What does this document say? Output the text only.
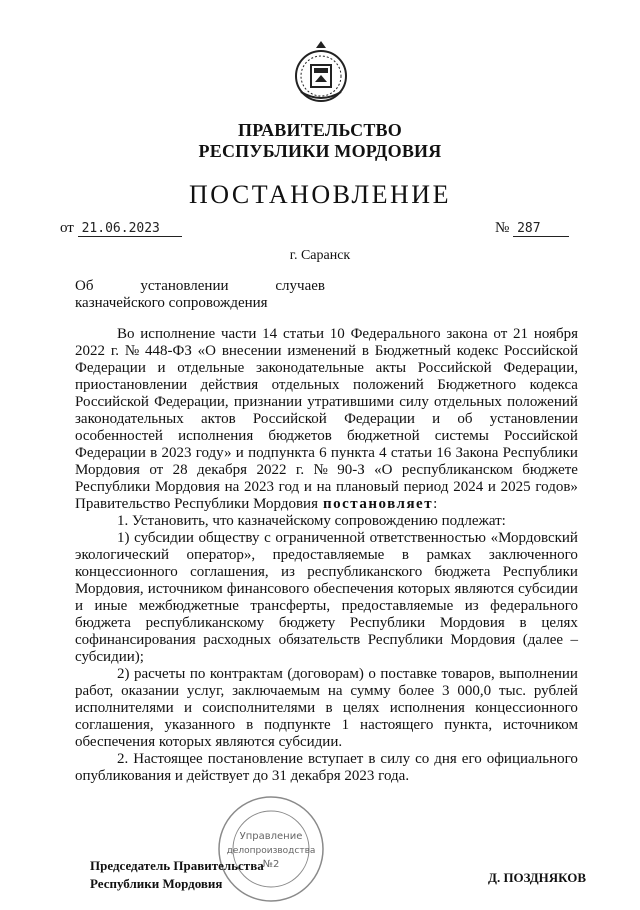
ПРАВИТЕЛЬСТВО
РЕСПУБЛИКИ МОРДОВИЯ
ПОСТАНОВЛЕНИЕ
от 21.06.2023	№ 287
г. Саранск
Об	установлении	случаев
казначейского сопровождения
Во исполнение части 14 статьи 10 Федерального закона от 21 ноября
2022 г. № 448-ФЗ «О внесении изменений в Бюджетный кодекс Российской
Федерации и отдельные законодательные акты Российской Федерации,
приостановлении действия отдельных положений Бюджетного кодекса
Российской Федерации, признании утратившими силу отдельных положений
законодательных актов Российской Федерации и об установлении
особенностей исполнения бюджетов бюджетной системы Российской
Федерации в 2023 году» и подпункта 6 пункта 4 статьи 16 Закона Республики
Мордовия от 28 декабря 2022 г. № 90-З «О республиканском бюджете
Республики Мордовия на 2023 год и на плановый период 2024 и 2025 годов»
Правительство Республики Мордовия постановляет :
1. Установить, что казначейскому сопровождению подлежат:
1) субсидии обществу с ограниченной ответственностью «Мордовский
экологический оператор», предоставляемые в рамках заключенного
концессионного соглашения, из республиканского бюджета Республики
Мордовия, источником финансового обеспечения которых являются субсидии
и иные межбюджетные трансферты, предоставляемые из федерального
бюджета республиканскому бюджету Республики Мордовия в целях
софинансирования расходных обязательств Республики Мордовия (далее –
субсидии);
2) расчеты по контрактам (договорам) о поставке товаров, выполнении
работ, оказании услуг, заключаемым на сумму более 3 000,0 тыс. рублей
исполнителями и соисполнителями в целях исполнения концессионного
соглашения, указанного в подпункте 1 настоящего пункта, источником
обеспечения которых являются субсидии.
2. Настоящее постановление вступает в силу со дня его официального
опубликования и действует до 31 декабря 2023 года.
Управление
делопроизводства
№2
Председатель Правительства
Республики Мордовия	Д. ПОЗДНЯКОВ
